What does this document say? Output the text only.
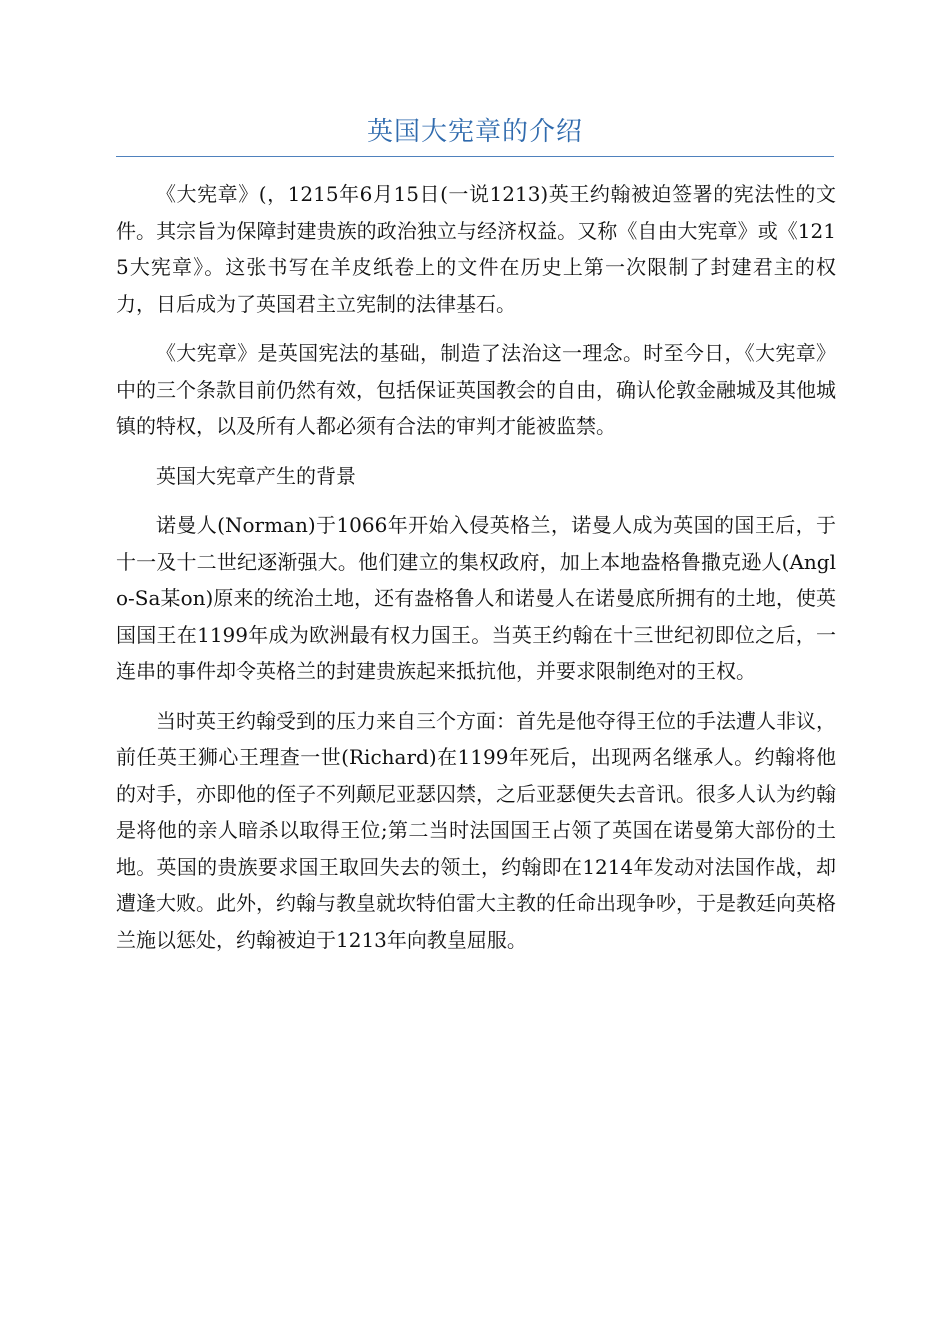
英国大宪章的介绍

《大宪章》(，1215年6月15日(一说1213)英王约翰被迫签署的宪法性的文件。其宗旨为保障封建贵族的政治独立与经济权益。又称《自由大宪章》或《1215大宪章》。这张书写在羊皮纸卷上的文件在历史上第一次限制了封建君主的权力，日后成为了英国君主立宪制的法律基石。

《大宪章》是英国宪法的基础，制造了法治这一理念。时至今日，《大宪章》中的三个条款目前仍然有效，包括保证英国教会的自由，确认伦敦金融城及其他城镇的特权，以及所有人都必须有合法的审判才能被监禁。

英国大宪章产生的背景

诺曼人(Norman)于1066年开始入侵英格兰，诺曼人成为英国的国王后，于十一及十二世纪逐渐强大。他们建立的集权政府，加上本地盎格鲁撒克逊人(Anglo-Sa某on)原来的统治土地，还有盎格鲁人和诺曼人在诺曼底所拥有的土地，使英国国王在1199年成为欧洲最有权力国王。当英王约翰在十三世纪初即位之后，一连串的事件却令英格兰的封建贵族起来抵抗他，并要求限制绝对的王权。

当时英王约翰受到的压力来自三个方面：首先是他夺得王位的手法遭人非议，前任英王狮心王理查一世(Richard)在1199年死后，出现两名继承人。约翰将他的对手，亦即他的侄子不列颠尼亚瑟囚禁，之后亚瑟便失去音讯。很多人认为约翰是将他的亲人暗杀以取得王位;第二当时法国国王占领了英国在诺曼第大部份的土地。英国的贵族要求国王取回失去的领土，约翰即在1214年发动对法国作战，却遭逢大败。此外，约翰与教皇就坎特伯雷大主教的任命出现争吵，于是教廷向英格兰施以惩处，约翰被迫于1213年向教皇屈服。
